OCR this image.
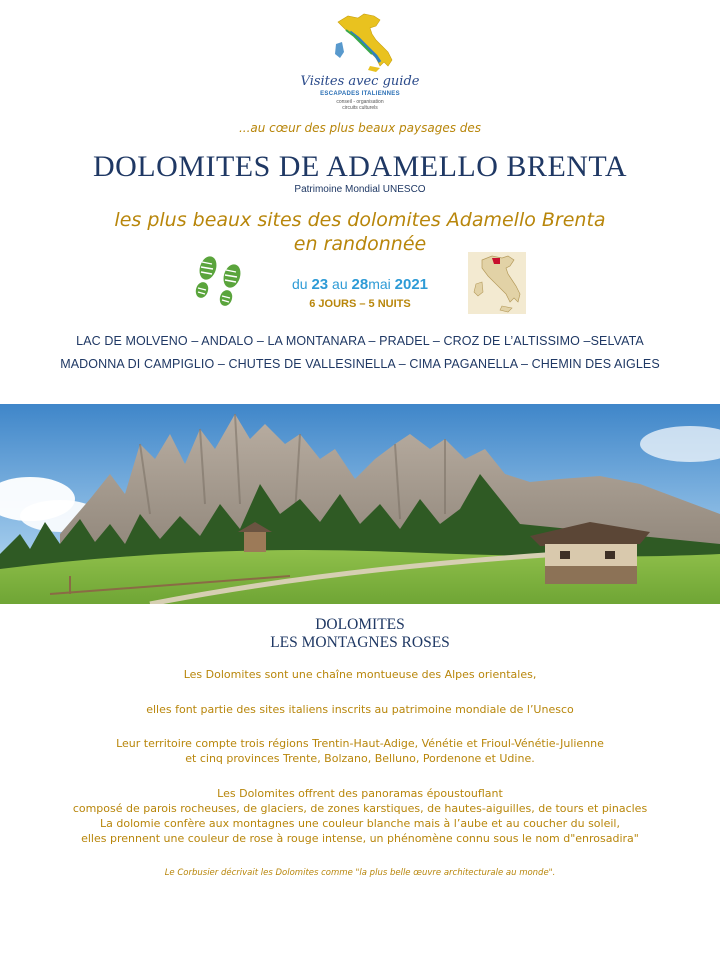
Visites avec guide
ESCAPADES ITALIENNES
conseil - organisation
circuits culturels
...au cœur des plus beaux paysages des
DOLOMITES DE ADAMELLO BRENTA
Patrimoine Mondial UNESCO
les plus beaux sites des dolomites Adamello Brenta
en randonnée
du 23 au 28mai 2021
6 JOURS – 5 NUITS
LAC DE MOLVENO – ANDALO – LA MONTANARA – PRADEL – CROZ DE L’ALTISSIMO –SELVATA
MADONNA DI CAMPIGLIO – CHUTES DE VALLESINELLA – CIMA PAGANELLA – CHEMIN DES AIGLES
DOLOMITES
LES MONTAGNES ROSES
Les Dolomites sont une chaîne montueuse des Alpes orientales,
elles font partie des sites italiens inscrits au patrimoine mondiale de l’Unesco
Leur territoire compte trois régions Trentin-Haut-Adige, Vénétie et Frioul-Vénétie-Julienne
et cinq provinces Trente, Bolzano, Belluno, Pordenone et Udine.
Les Dolomites offrent des panoramas époustouflant
composé de parois rocheuses, de glaciers, de zones karstiques, de hautes-aiguilles, de tours et pinacles
La dolomie confère aux montagnes une couleur blanche mais à l’aube et au coucher du soleil,
elles prennent une couleur de rose à rouge intense, un phénomène connu sous le nom d"enrosadira"
Le Corbusier décrivait les Dolomites comme "la plus belle œuvre architecturale au monde".
